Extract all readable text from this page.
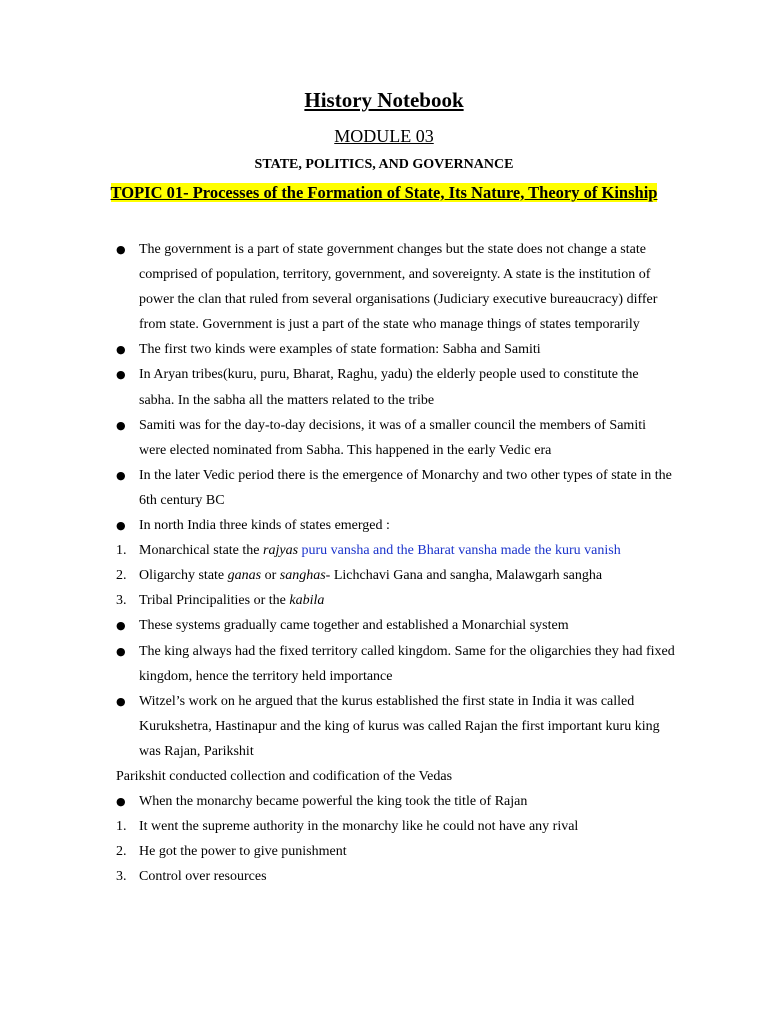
History Notebook
MODULE 03
STATE, POLITICS, AND GOVERNANCE
TOPIC 01- Processes of the Formation of State, Its Nature, Theory of Kinship
● The government is a part of state government changes but the state does not change a state comprised of population, territory, government, and sovereignty. A state is the institution of power the clan that ruled from several organisations (Judiciary executive bureaucracy) differ from state. Government is just a part of the state who manage things of states temporarily
● The first two kinds were examples of state formation: Sabha and Samiti
● In Aryan tribes(kuru, puru, Bharat, Raghu, yadu) the elderly people used to constitute the sabha. In the sabha all the matters related to the tribe
● Samiti was for the day-to-day decisions, it was of a smaller council the members of Samiti were elected nominated from Sabha. This happened in the early Vedic era
● In the later Vedic period there is the emergence of Monarchy and two other types of state in the 6th century BC
● In north India three kinds of states emerged :
1. Monarchical state the rajyas puru vansha and the Bharat vansha made the kuru vanish
2. Oligarchy state ganas or sanghas- Lichchavi Gana and sangha, Malawgarh sangha
3. Tribal Principalities or the kabila
● These systems gradually came together and established a Monarchial system
● The king always had the fixed territory called kingdom. Same for the oligarchies they had fixed kingdom, hence the territory held importance
● Witzel’s work on he argued that the kurus established the first state in India it was called Kurukshetra, Hastinapur and the king of kurus was called Rajan the first important kuru king was Rajan, Parikshit
Parikshit conducted collection and codification of the Vedas
● When the monarchy became powerful the king took the title of Rajan
1. It went the supreme authority in the monarchy like he could not have any rival
2. He got the power to give punishment
3. Control over resources
